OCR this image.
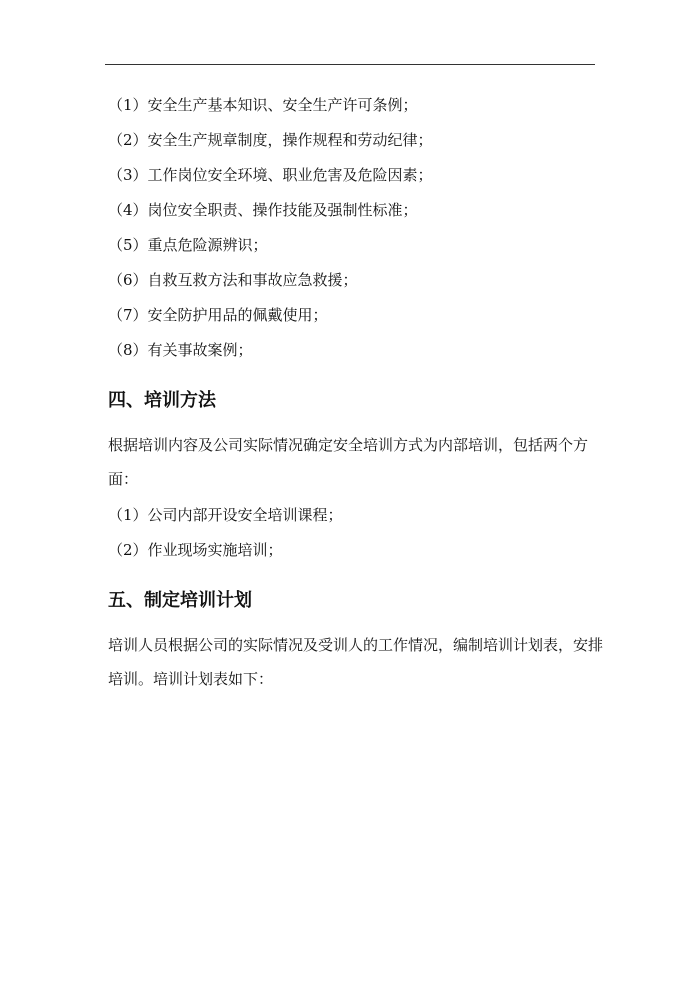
（1）安全生产基本知识、安全生产许可条例；

（2）安全生产规章制度，操作规程和劳动纪律；

（3）工作岗位安全环境、职业危害及危险因素；

（4）岗位安全职责、操作技能及强制性标准；

（5）重点危险源辨识；

（6）自救互救方法和事故应急救援；

（7）安全防护用品的佩戴使用；

（8）有关事故案例；

四、培训方法

根据培训内容及公司实际情况确定安全培训方式为内部培训，包括两个方面：

（1）公司内部开设安全培训课程；

（2）作业现场实施培训；

五、制定培训计划

培训人员根据公司的实际情况及受训人的工作情况，编制培训计划表，安排培训。培训计划表如下：
